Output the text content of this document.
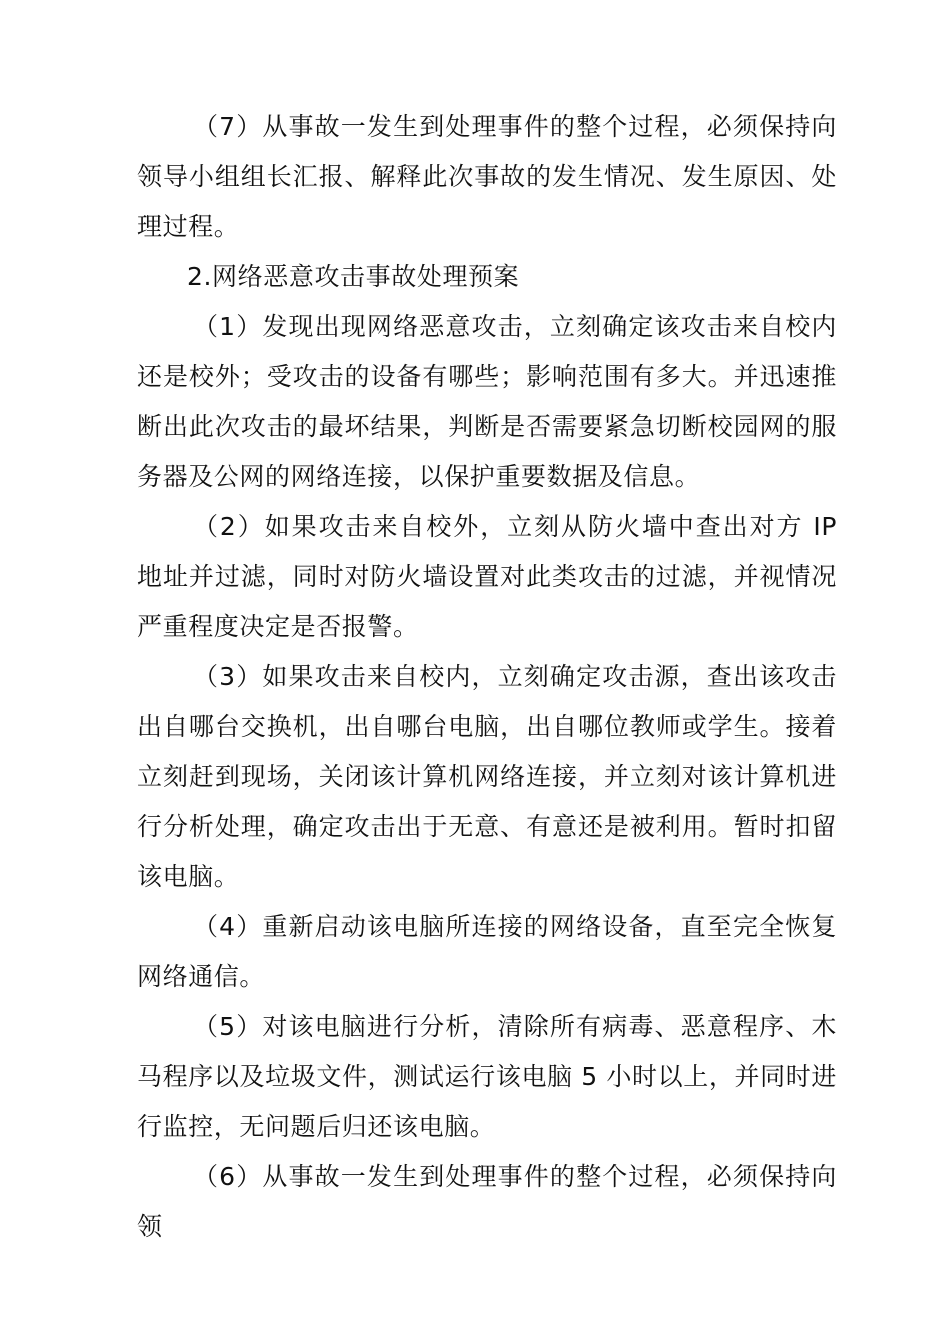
（7）从事故一发生到处理事件的整个过程，必须保持向领导小组组长汇报、解释此次事故的发生情况、发生原因、处理过程。

2.网络恶意攻击事故处理预案

（1）发现出现网络恶意攻击，立刻确定该攻击来自校内还是校外；受攻击的设备有哪些；影响范围有多大。并迅速推断出此次攻击的最坏结果，判断是否需要紧急切断校园网的服务器及公网的网络连接，以保护重要数据及信息。

（2）如果攻击来自校外，立刻从防火墙中查出对方 IP 地址并过滤，同时对防火墙设置对此类攻击的过滤，并视情况严重程度决定是否报警。

（3）如果攻击来自校内，立刻确定攻击源，查出该攻击出自哪台交换机，出自哪台电脑，出自哪位教师或学生。接着立刻赶到现场，关闭该计算机网络连接，并立刻对该计算机进行分析处理，确定攻击出于无意、有意还是被利用。暂时扣留该电脑。

（4）重新启动该电脑所连接的网络设备，直至完全恢复网络通信。

（5）对该电脑进行分析，清除所有病毒、恶意程序、木马程序以及垃圾文件，测试运行该电脑 5 小时以上，并同时进行监控，无问题后归还该电脑。

（6）从事故一发生到处理事件的整个过程，必须保持向领
